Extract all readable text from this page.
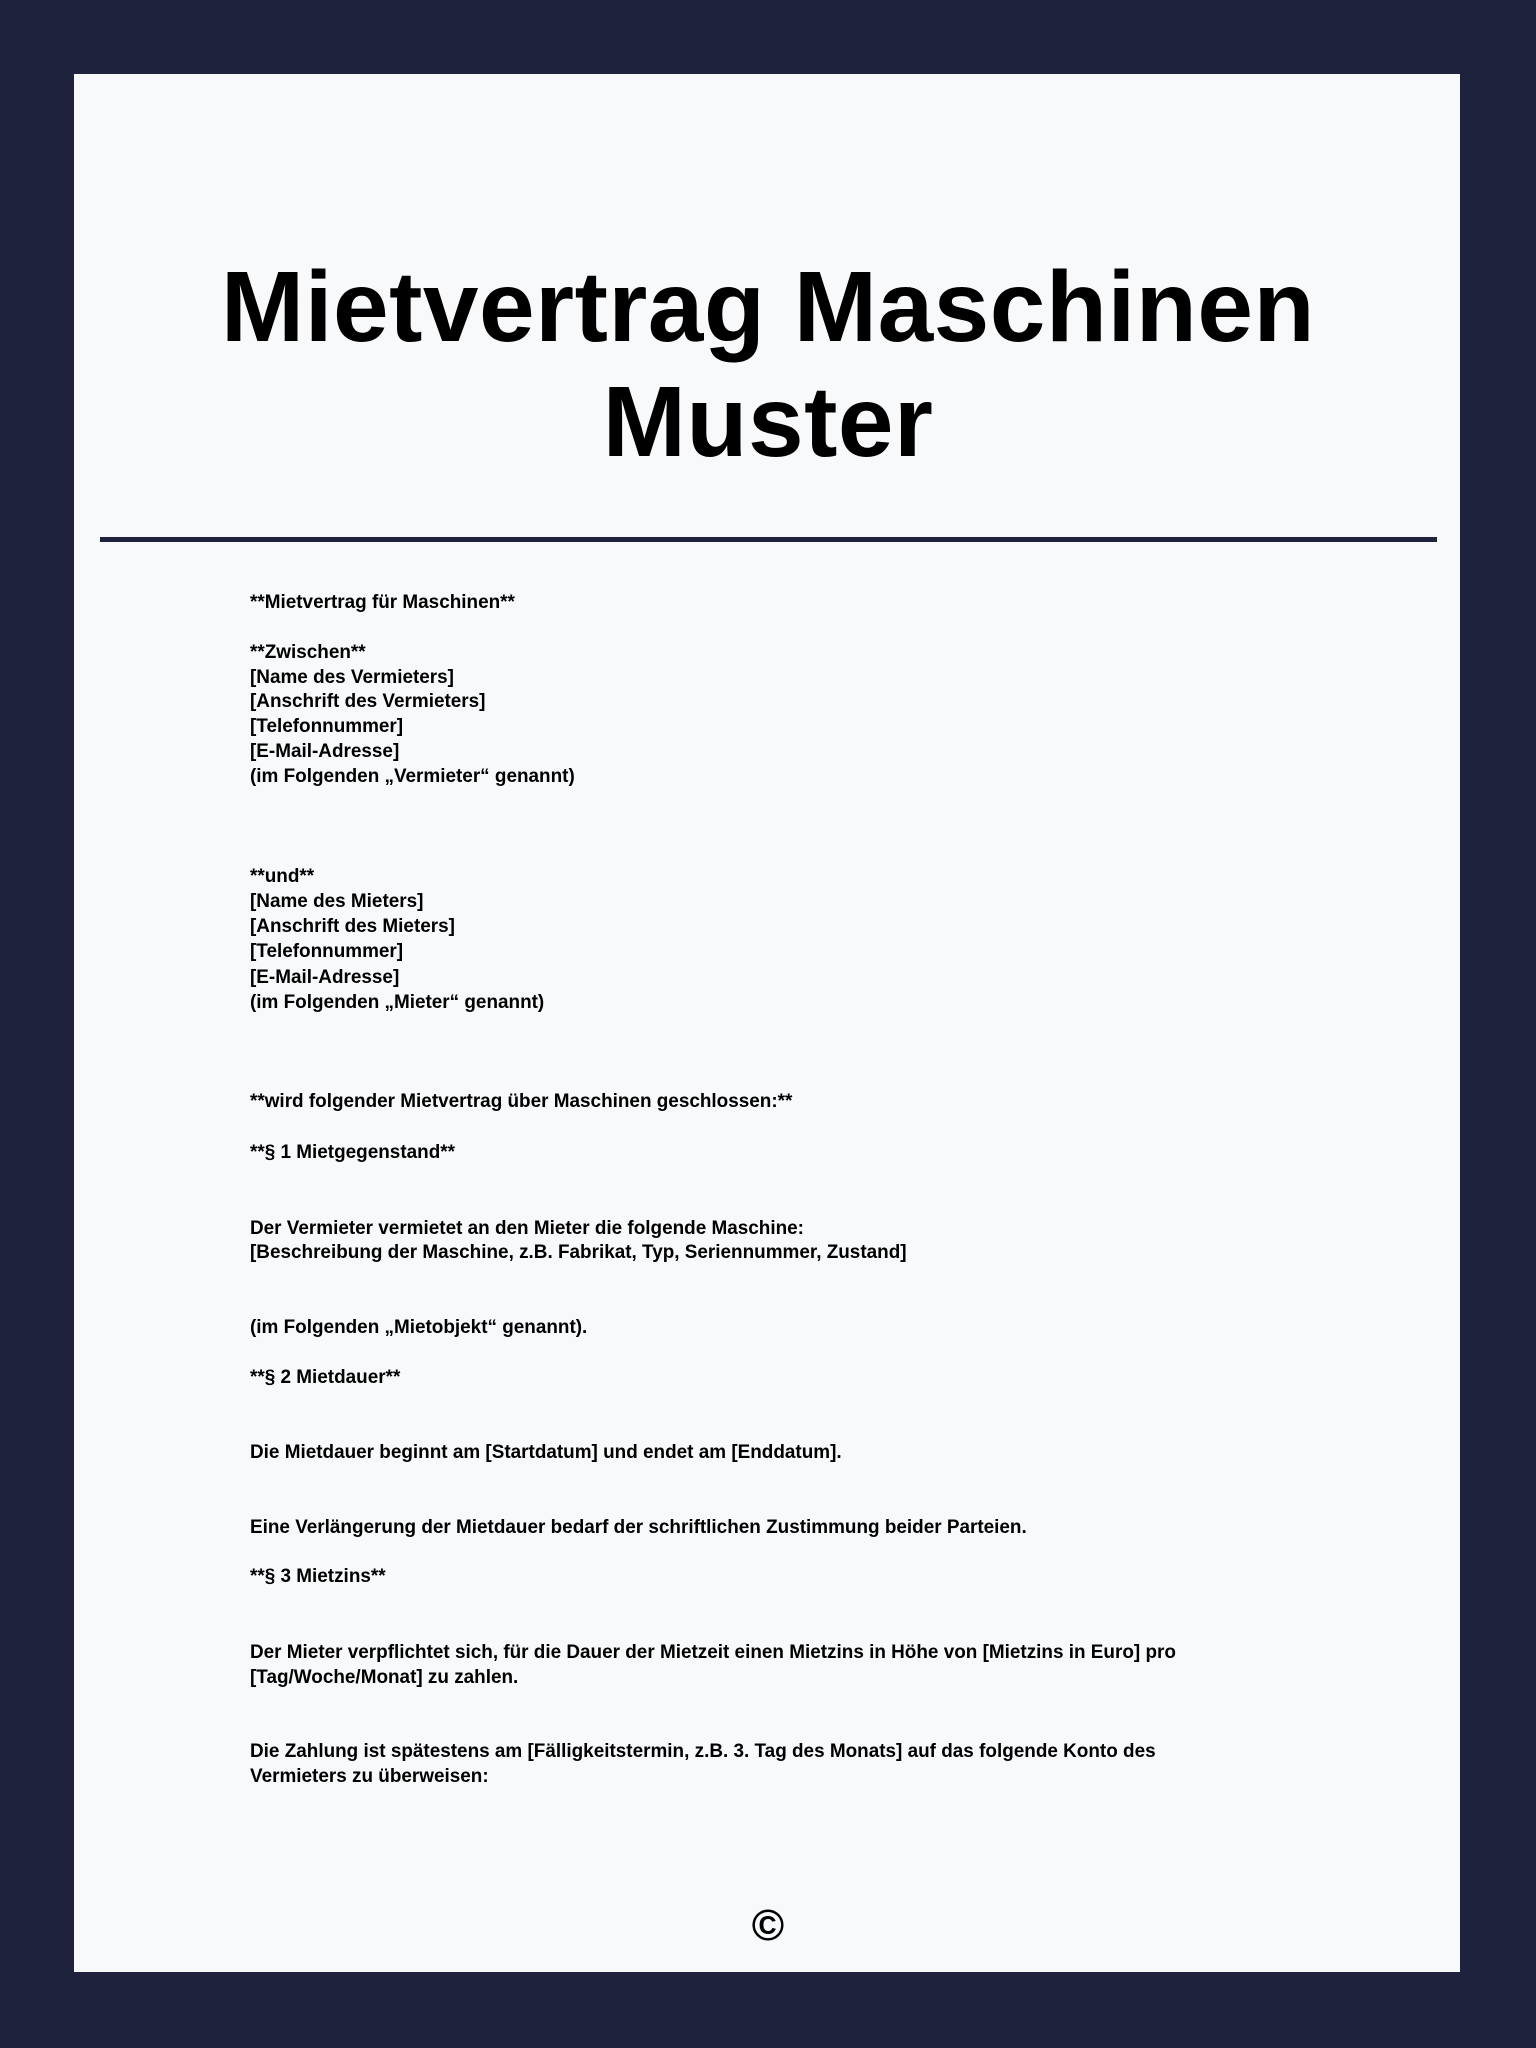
Mietvertrag Maschinen
Muster
**Mietvertrag für Maschinen**
**Zwischen**
[Name des Vermieters]
[Anschrift des Vermieters]
[Telefonnummer]
[E-Mail-Adresse]
(im Folgenden „Vermieter“ genannt)
**und**
[Name des Mieters]
[Anschrift des Mieters]
[Telefonnummer]
[E-Mail-Adresse]
(im Folgenden „Mieter“ genannt)
**wird folgender Mietvertrag über Maschinen geschlossen:**
**§ 1 Mietgegenstand**
Der Vermieter vermietet an den Mieter die folgende Maschine:
[Beschreibung der Maschine, z.B. Fabrikat, Typ, Seriennummer, Zustand]
(im Folgenden „Mietobjekt“ genannt).
**§ 2 Mietdauer**
Die Mietdauer beginnt am [Startdatum] und endet am [Enddatum].
Eine Verlängerung der Mietdauer bedarf der schriftlichen Zustimmung beider Parteien.
**§ 3 Mietzins**
Der Mieter verpflichtet sich, für die Dauer der Mietzeit einen Mietzins in Höhe von [Mietzins in Euro] pro
[Tag/Woche/Monat] zu zahlen.
Die Zahlung ist spätestens am [Fälligkeitstermin, z.B. 3. Tag des Monats] auf das folgende Konto des
Vermieters zu überweisen:
©
